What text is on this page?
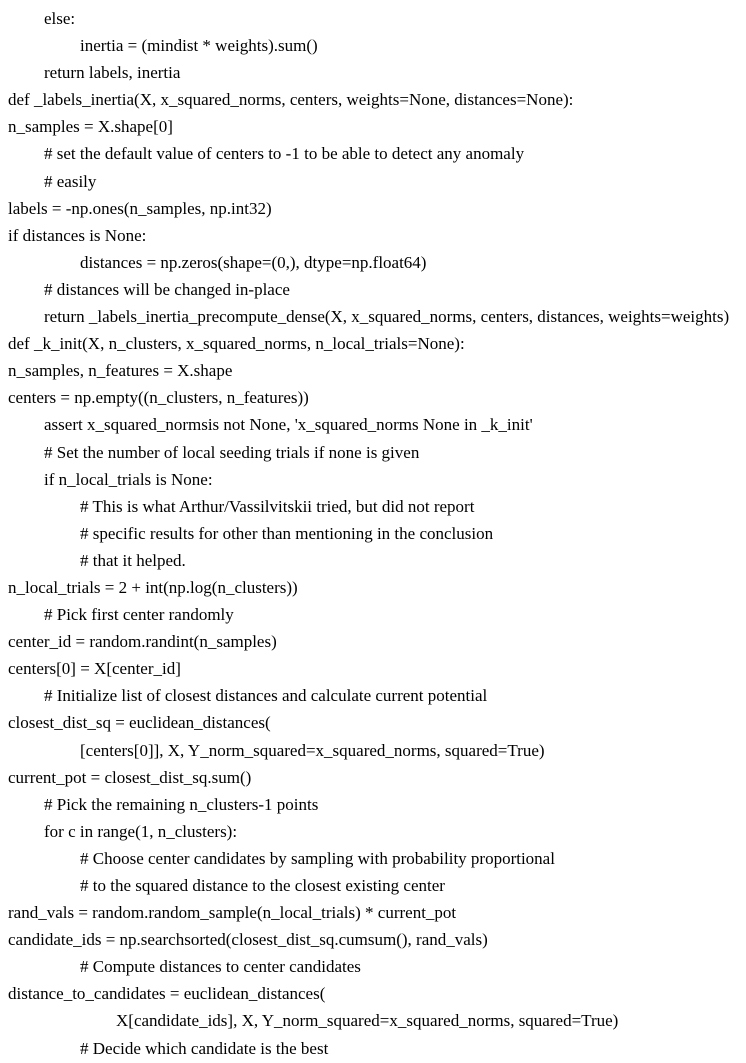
else:
inertia = (mindist * weights).sum()
return labels, inertia
def _labels_inertia(X, x_squared_norms, centers, weights=None, distances=None):
n_samples = X.shape[0]
# set the default value of centers to -1 to be able to detect any anomaly
# easily
labels = -np.ones(n_samples, np.int32)
if distances is None:
distances = np.zeros(shape=(0,), dtype=np.float64)
# distances will be changed in-place
return _labels_inertia_precompute_dense(X, x_squared_norms, centers, distances, weights=weights)
def _k_init(X, n_clusters, x_squared_norms, n_local_trials=None):
n_samples, n_features = X.shape
centers = np.empty((n_clusters, n_features))
assert x_squared_normsis not None, 'x_squared_norms None in _k_init'
# Set the number of local seeding trials if none is given
if n_local_trials is None:
# This is what Arthur/Vassilvitskii tried, but did not report
# specific results for other than mentioning in the conclusion
# that it helped.
n_local_trials = 2 + int(np.log(n_clusters))
# Pick first center randomly
center_id = random.randint(n_samples)
centers[0] = X[center_id]
# Initialize list of closest distances and calculate current potential
closest_dist_sq = euclidean_distances(
[centers[0]], X, Y_norm_squared=x_squared_norms, squared=True)
current_pot = closest_dist_sq.sum()
# Pick the remaining n_clusters-1 points
for c in range(1, n_clusters):
# Choose center candidates by sampling with probability proportional
# to the squared distance to the closest existing center
rand_vals = random.random_sample(n_local_trials) * current_pot
candidate_ids = np.searchsorted(closest_dist_sq.cumsum(), rand_vals)
# Compute distances to center candidates
distance_to_candidates = euclidean_distances(
X[candidate_ids], X, Y_norm_squared=x_squared_norms, squared=True)
# Decide which candidate is the best
